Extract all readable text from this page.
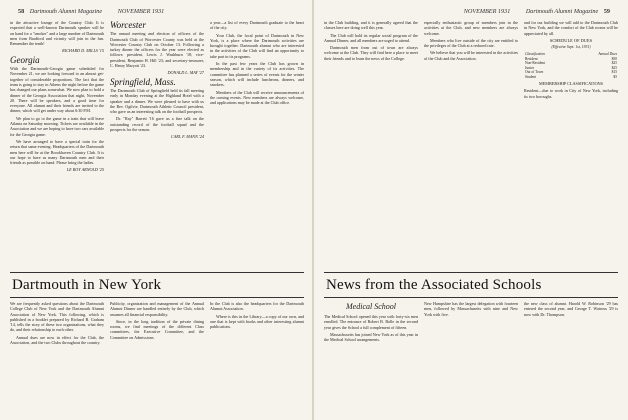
58 Dartmouth Alumni Magazine	NOVEMBER 1931

in the attractive lounge of the Country Club. It is expected that a well-known Dartmouth speaker will be on hand for a "smoker" and a large number of Dartmouth men from Bradford and vicinity will join in the fun. Remember the tenth!

RICHARD D. MILLS '15
Georgia

With the Dartmouth-Georgia game scheduled for November 21, we are looking forward to an almost get-together of considerable proportions. The fact that the team is going to stay in Athens the night before the game has changed our plans somewhat. We now plan to hold a dinner of the Georgia Association that night, November 20. There will be speakers, and a good time for everyone. All alumni and their friends are invited to the dinner, which will get under way about 6:30 P.M.

We plan to go to the game in a train that will leave Atlanta on Saturday morning. Tickets are available in the Association and we are hoping to have two cars available for the Georgia game.

We have arranged to have a special train for the return that same evening. Headquarters of the Dartmouth men here will be at the Brookhaven Country Club. It is our hope to have as many Dartmouth men and their friends as possible on hand. Please bring the ladies.

LE ROY ARNOLD '25
Worcester

The annual meeting and election of officers of the Dartmouth Club of Worcester County was held at the Worcester Country Club on October 13. Following a turkey dinner the officers for the year were elected as follows: president, Lewis J. Washburn '18; vice-president, Benjamin H. Hill '23; and secretary-treasurer, C. Henry Maryott '23.

DONALD L. MAY '27
Springfield, Mass.

The Dartmouth Club of Springfield held its fall meeting early in Monday evening at the Highland Hotel with a speaker and a dinner. We were pleased to have with us the Rev. Ogilvie, Dartmouth Athletic Council president, who gave us an interesting talk on the football prospects.

Dr. "Ray" Barrett '16 gave us a fine talk on the outstanding record of the football squad and the prospects for the season.

CARL F. MANN '24

a year—a list of every Dartmouth graduate to the heart of the city.

Your Club, the focal point of Dartmouth in New York, is a place where the Dartmouth activities are brought together. Dartmouth alumni who are interested in the activities of the Club will find an opportunity to take part in its programs.

In the past few years the Club has grown in membership and in the variety of its activities. The committee has planned a series of events for the winter season, which will include luncheons, dinners, and smokers.

Members of the Club will receive announcements of the coming events. New members are always welcome, and applications may be made at the Club office.

Dartmouth in New York

We are frequently asked questions about the Dartmouth College Club of New York and the Dartmouth Alumni Association of New York. This following, which is published in a booklet prepared by Richard B. Graham '14, tells the story of these two organizations, what they do, and their relationship to each other.

Annual dues are now in effect for the Club, the Association, and the two Clubs throughout the country.

Publicity, organization and management of the Annual Alumni Dinner are handled entirely by the Club, which assumes all financial responsibility.

Since, in the long tradition of the private dining rooms, we find meetings of the different Class committees, the Executive Committee, and the Committee on Admissions.

In the Club is also the headquarters for the Dartmouth Alumni Association.

Where is this in the Library—a copy of our own, and one that is kept with books and other interesting alumni publications.

NOVEMBER 1931	Dartmouth Alumni Magazine 59

in the Club building, and it is generally agreed that the classes here are doing well this year.

The Club will hold its regular social program of the Annual Dinner, and all members are urged to attend.

Dartmouth men from out of town are always welcome at the Club. They will find here a place to meet their friends and to learn the news of the College.

especially enthusiastic group of members join in the activities at the Club, and new members are always welcome.

Members who live outside of the city are entitled to the privileges of the Club at a reduced rate.

We believe that you will be interested in the activities of the Club and the Association.

and for our building we will add to the Dartmouth Club in New York, and the comfort of the Club rooms will be appreciated by all.

SCHEDULE OF DUES
(Effective Sept. 1st, 1931)
Classification	Annual Dues
Resident	$50
Non-Resident	$25
Junior	$25
Out of Town	$15
Student	$5
MEMBERSHIP CLASSIFICATIONS

Resident—due to work in City of New York, including its two boroughs.

News from the Associated Schools
Medical School

The Medical School opened this year with forty-six men enrolled. The entrance of Robert B. Bolle in the second year gives the School a full complement of fifteen.

Massachusetts has joined New York as of this year in the Medical School arrangements.

New Hampshire has the largest delegation with fourteen men, followed by Massachusetts with nine and New York with five.

the new class of alumni. Harold W. Robinson '29 has entered the second year, and George T. Watrous '29 is now with Dr. Thompson.
